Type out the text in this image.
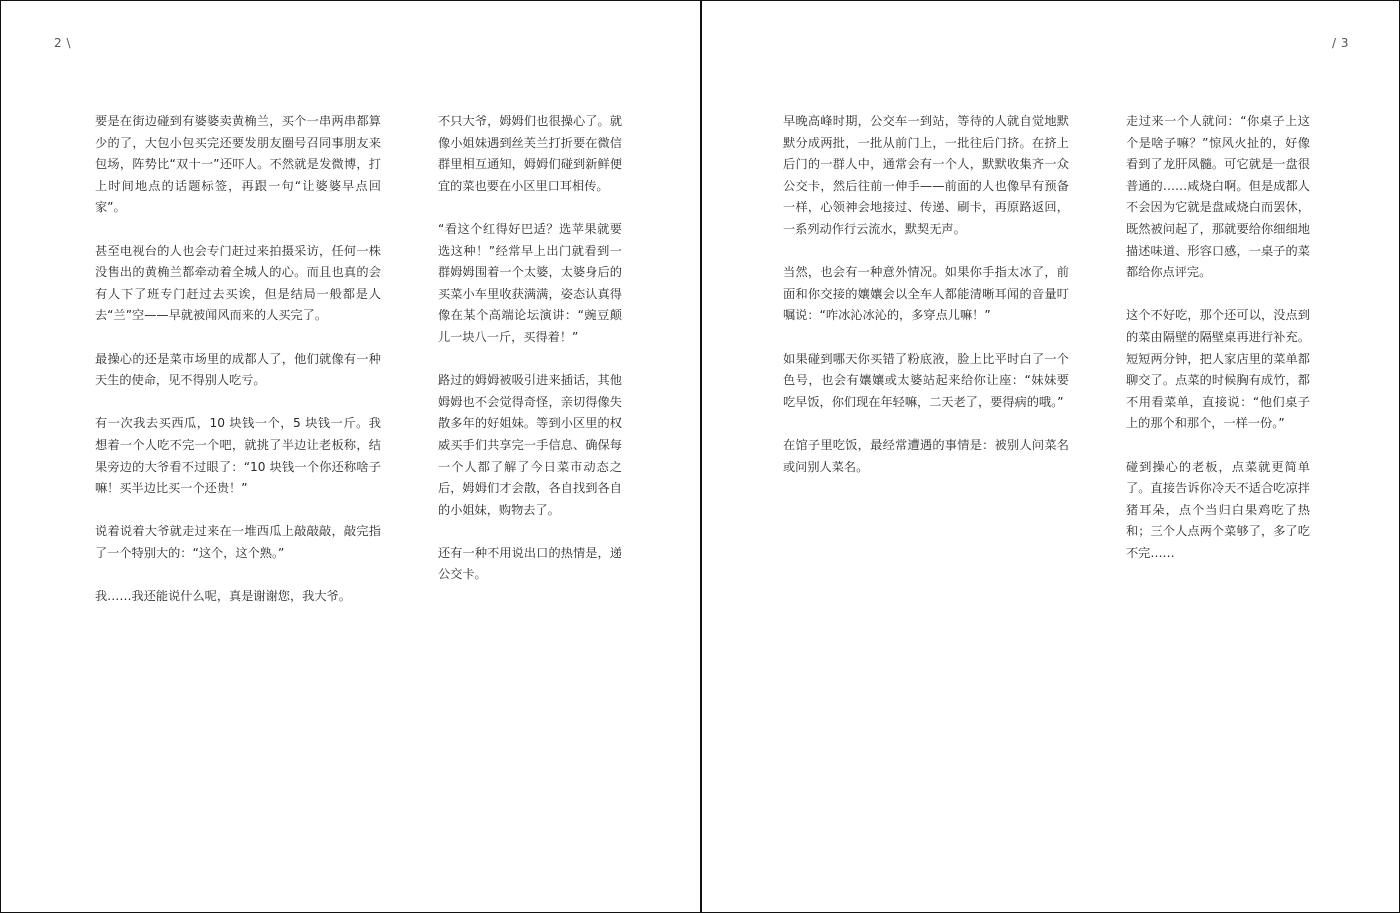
2 \

要是在街边碰到有婆婆卖黄桷兰，买个一串两串都算少的了，大包小包买完还要发朋友圈号召同事朋友来包场，阵势比“双十一”还吓人。不然就是发微博，打上时间地点的话题标签，再跟一句“让婆婆早点回家”。

甚至电视台的人也会专门赶过来拍摄采访，任何一株没售出的黄桷兰都牵动着全城人的心。而且也真的会有人下了班专门赶过去买诶，但是结局一般都是人去“兰”空——早就被闻风而来的人买完了。

最操心的还是菜市场里的成都人了，他们就像有一种天生的使命，见不得别人吃亏。

有一次我去买西瓜，10 块钱一个，5 块钱一斤。我想着一个人吃不完一个吧，就挑了半边让老板称，结果旁边的大爷看不过眼了：“10 块钱一个你还称啥子嘛！买半边比买一个还贵！”

说着说着大爷就走过来在一堆西瓜上敲敲敲，敲完指了一个特别大的：“这个，这个熟。”

我……我还能说什么呢，真是谢谢您，我大爷。

不只大爷，姆姆们也很操心了。就像小姐妹遇到丝芙兰打折要在微信群里相互通知，姆姆们碰到新鲜便宜的菜也要在小区里口耳相传。

“看这个红得好巴适？选苹果就要选这种！”经常早上出门就看到一群姆姆围着一个太婆，太婆身后的买菜小车里收获满满，姿态认真得像在某个高端论坛演讲：“豌豆颠儿一块八一斤，买得着！”

路过的姆姆被吸引进来插话，其他姆姆也不会觉得奇怪，亲切得像失散多年的好姐妹。等到小区里的权威买手们共享完一手信息、确保每一个人都了解了今日菜市动态之后，姆姆们才会散，各自找到各自的小姐妹，购物去了。

还有一种不用说出口的热情是，递公交卡。

/ 3

早晚高峰时期，公交车一到站，等待的人就自觉地默默分成两批，一批从前门上，一批往后门挤。在挤上后门的一群人中，通常会有一个人，默默收集齐一众公交卡，然后往前一伸手——前面的人也像早有预备一样，心领神会地接过、传递、刷卡，再原路返回，一系列动作行云流水，默契无声。

当然，也会有一种意外情况。如果你手指太冰了，前面和你交接的孃孃会以全车人都能清晰耳闻的音量叮嘱说：“咋冰沁冰沁的，多穿点儿嘛！”

如果碰到哪天你买错了粉底液，脸上比平时白了一个色号，也会有孃孃或太婆站起来给你让座：“妹妹要吃早饭，你们现在年轻嘛，二天老了，要得病的哦。”

在馆子里吃饭，最经常遭遇的事情是：被别人问菜名或问别人菜名。

走过来一个人就问：“你桌子上这个是啥子嘛？”惊风火扯的，好像看到了龙肝凤髓。可它就是一盘很普通的……咸烧白啊。但是成都人不会因为它就是盘咸烧白而罢休，既然被问起了，那就要给你细细地描述味道、形容口感，一桌子的菜都给你点评完。

这个不好吃，那个还可以，没点到的菜由隔壁的隔壁桌再进行补充。短短两分钟，把人家店里的菜单都聊交了。点菜的时候胸有成竹，都不用看菜单，直接说：“他们桌子上的那个和那个，一样一份。”

碰到操心的老板，点菜就更简单了。直接告诉你冷天不适合吃凉拌猪耳朵，点个当归白果鸡吃了热和；三个人点两个菜够了，多了吃不完……
